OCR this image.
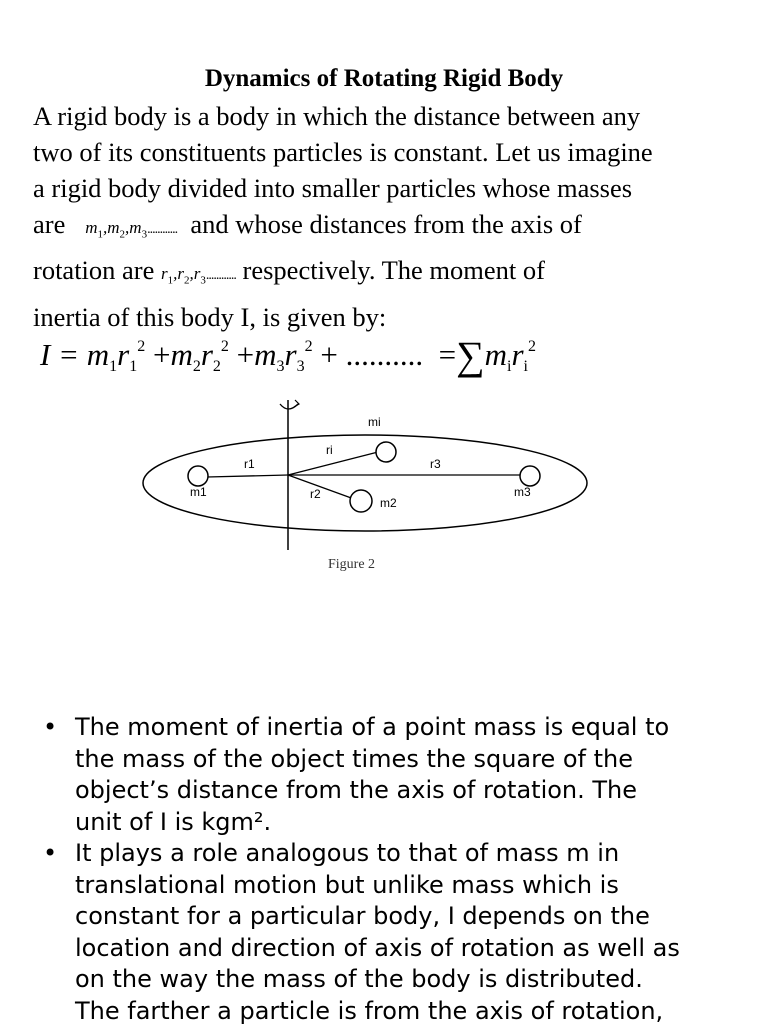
Dynamics of Rotating Rigid Body
A rigid body is a body in which the distance between any
two of its constituents particles is constant. Let us imagine
a rigid body divided into smaller particles whose masses
are $m_1,m_2,m_3$............ and whose distances from the axis of
rotation are $r_1,r_2,r_3$............ respectively. The moment of
inertia of this body I, is given by:
$I = m_1r_1^2 +m_2r_2^2 +m_3r_3^2$ + .......... $=\sum m_ir_i^2$
mi
ri
r1	r3
r2
m1
m2
m3
Figure 2
• The moment of inertia of a point mass is equal to
the mass of the object times the square of the
object’s distance from the axis of rotation. The
unit of I is kgm².
• It plays a role analogous to that of mass m in
translational motion but unlike mass which is
constant for a particular body, I depends on the
location and direction of axis of rotation as well as
on the way the mass of the body is distributed.
The farther a particle is from the axis of rotation,
